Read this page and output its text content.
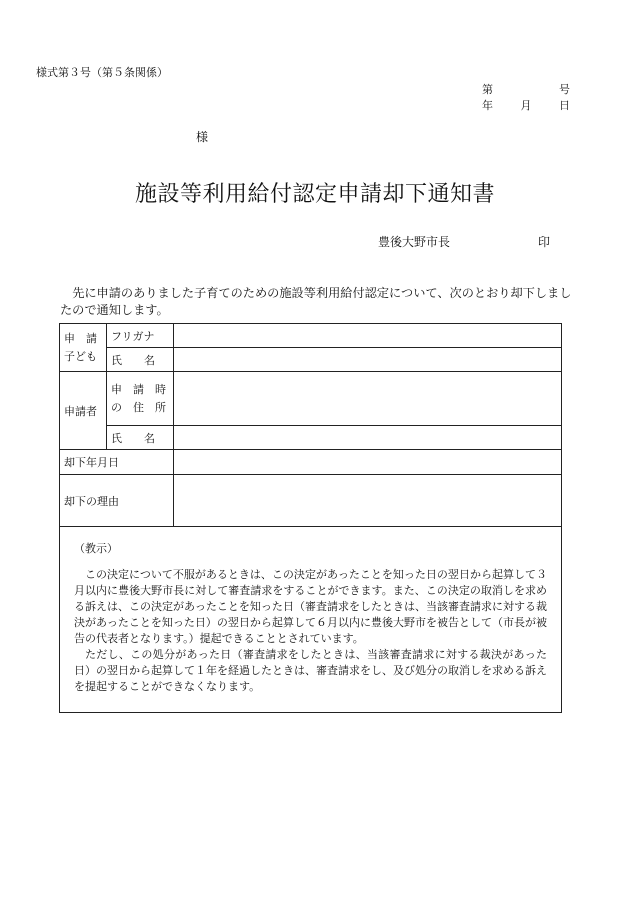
様式第３号（第５条関係）
第	号
年	月	日
様
施設等利用給付認定申請却下通知書
豊後大野市長	印
先に申請のありました子育てのための施設等利用給付認定について、次のとおり却下しましたので通知します。
申　請
子ども	フリガナ	
	氏　　名	
申請者	申　請　時
の　住　所	

	氏　　名	
却下年月日		
却下の理由		

（教示）
この決定について不服があるときは、この決定があったことを知った日の翌日から起算して３月以内に豊後大野市長に対して審査請求をすることができます。また、この決定の取消しを求める訴えは、この決定があったことを知った日（審査請求をしたときは、当該審査請求に対する裁決があったことを知った日）の翌日から起算して６月以内に豊後大野市を被告として（市長が被告の代表者となります。）提起できることとされています。
ただし、この処分があった日（審査請求をしたときは、当該審査請求に対する裁決があった日）の翌日から起算して１年を経過したときは、審査請求をし、及び処分の取消しを求める訴えを提起することができなくなります。		
